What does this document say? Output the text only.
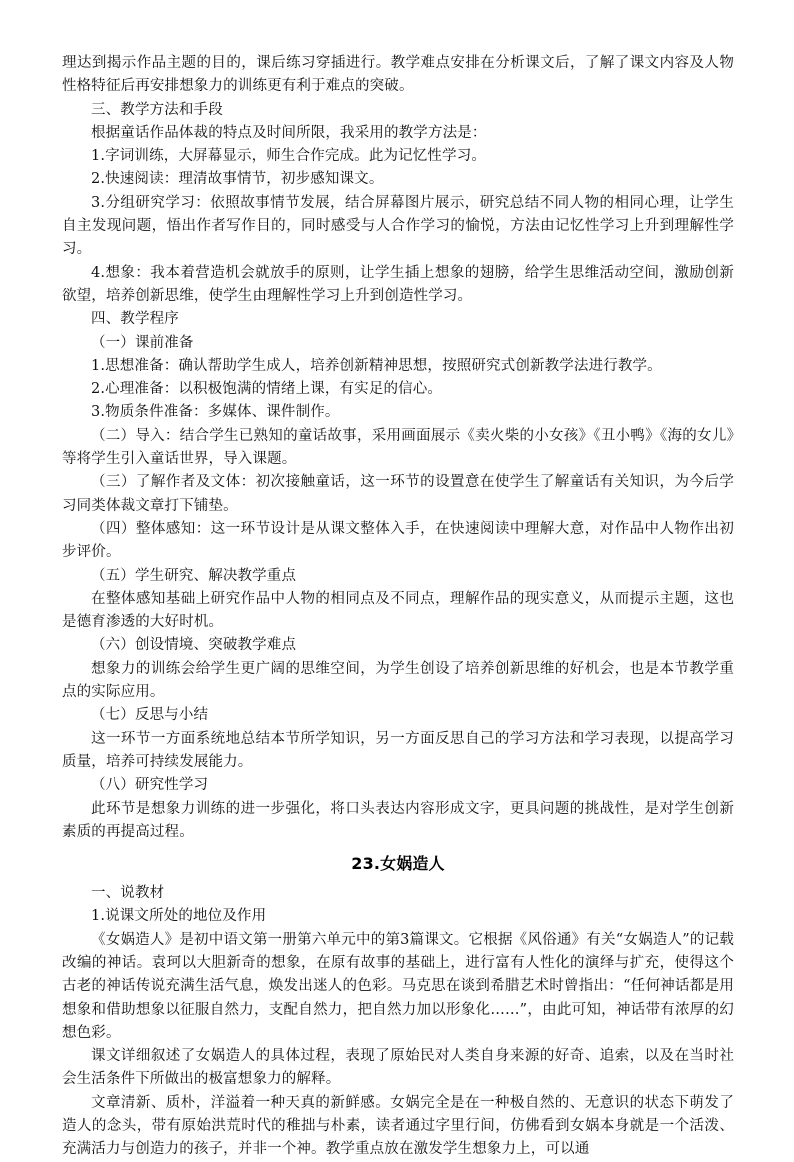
理达到揭示作品主题的目的，课后练习穿插进行。教学难点安排在分析课文后，了解了课文内容及人物性格特征后再安排想象力的训练更有利于难点的突破。

三、教学方法和手段

根据童话作品体裁的特点及时间所限，我采用的教学方法是：

1.字词训练，大屏幕显示，师生合作完成。此为记忆性学习。

2.快速阅读：理清故事情节，初步感知课文。

3.分组研究学习：依照故事情节发展，结合屏幕图片展示，研究总结不同人物的相同心理，让学生自主发现问题，悟出作者写作目的，同时感受与人合作学习的愉悦，方法由记忆性学习上升到理解性学习。

4.想象：我本着营造机会就放手的原则，让学生插上想象的翅膀，给学生思维活动空间，激励创新欲望，培养创新思维，使学生由理解性学习上升到创造性学习。

四、教学程序

（一）课前准备

1.思想准备：确认帮助学生成人，培养创新精神思想，按照研究式创新教学法进行教学。

2.心理准备：以积极饱满的情绪上课，有实足的信心。

3.物质条件准备：多媒体、课件制作。

（二）导入：结合学生已熟知的童话故事，采用画面展示《卖火柴的小女孩》《丑小鸭》《海的女儿》等将学生引入童话世界，导入课题。

（三）了解作者及文体：初次接触童话，这一环节的设置意在使学生了解童话有关知识，为今后学习同类体裁文章打下铺垫。

（四）整体感知：这一环节设计是从课文整体入手，在快速阅读中理解大意，对作品中人物作出初步评价。

（五）学生研究、解决教学重点

在整体感知基础上研究作品中人物的相同点及不同点，理解作品的现实意义，从而提示主题，这也是德育渗透的大好时机。

（六）创设情境、突破教学难点

想象力的训练会给学生更广阔的思维空间，为学生创设了培养创新思维的好机会，也是本节教学重点的实际应用。

（七）反思与小结

这一环节一方面系统地总结本节所学知识，另一方面反思自己的学习方法和学习表现，以提高学习质量，培养可持续发展能力。

（八）研究性学习

此环节是想象力训练的进一步强化，将口头表达内容形成文字，更具问题的挑战性，是对学生创新素质的再提高过程。

23.女娲造人

一、说教材

1.说课文所处的地位及作用

《女娲造人》是初中语文第一册第六单元中的第3篇课文。它根据《风俗通》有关“女娲造人”的记载改编的神话。袁珂以大胆新奇的想象，在原有故事的基础上，进行富有人性化的演绎与扩充，使得这个古老的神话传说充满生活气息，焕发出迷人的色彩。马克思在谈到希腊艺术时曾指出：“任何神话都是用想象和借助想象以征服自然力，支配自然力，把自然力加以形象化……”，由此可知，神话带有浓厚的幻想色彩。

课文详细叙述了女娲造人的具体过程，表现了原始民对人类自身来源的好奇、追索，以及在当时社会生活条件下所做出的极富想象力的解释。

文章清新、质朴，洋溢着一种天真的新鲜感。女娲完全是在一种极自然的、无意识的状态下萌发了造人的念头，带有原始洪荒时代的稚拙与朴素，读者通过字里行间，仿佛看到女娲本身就是一个活泼、充满活力与创造力的孩子，并非一个神。教学重点放在激发学生想象力上，可以通
